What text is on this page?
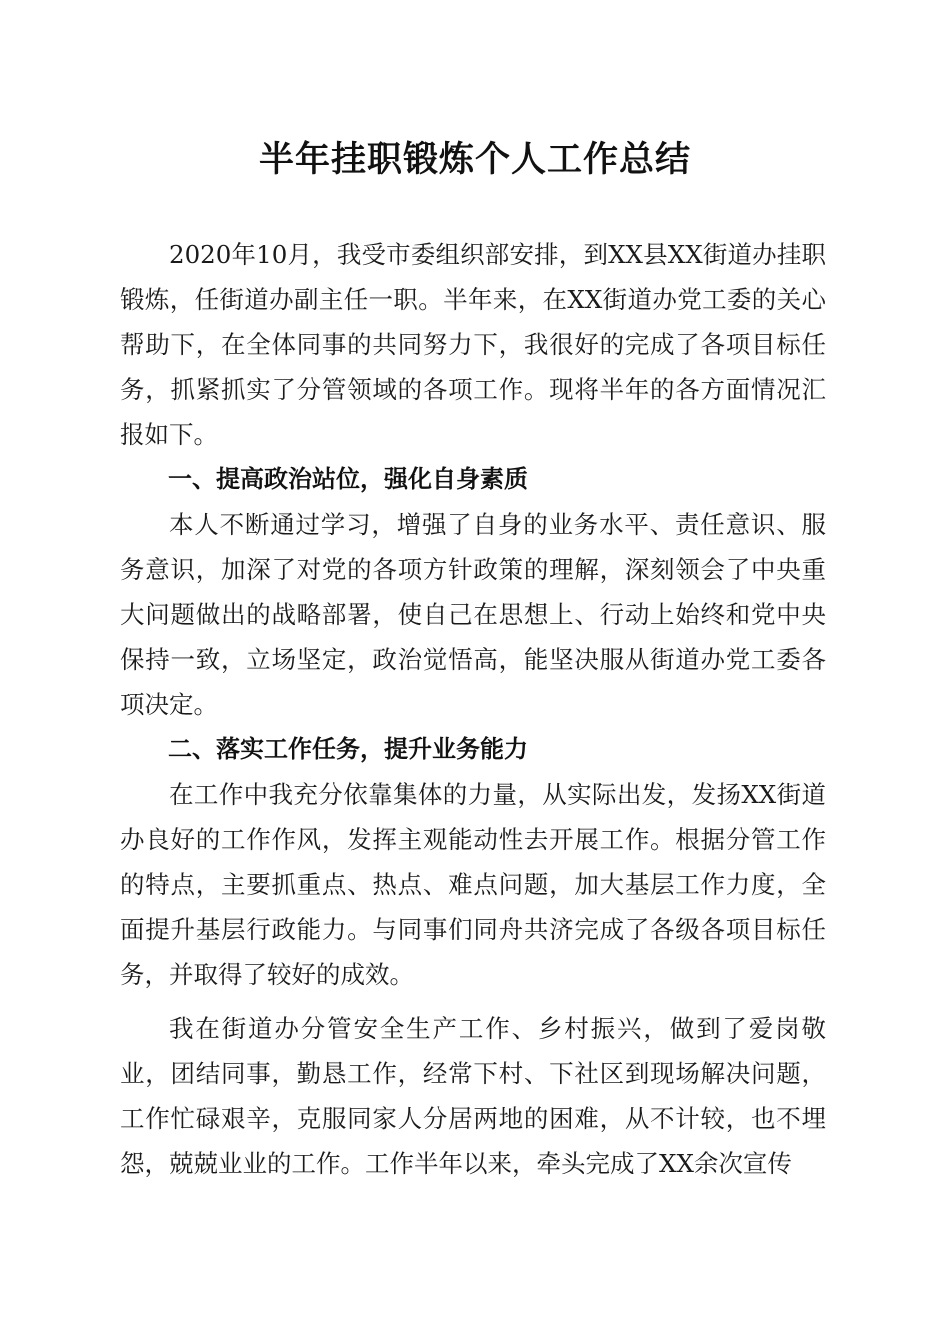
半年挂职锻炼个人工作总结

2020年10月，我受市委组织部安排，到XX县XX街道办挂职锻炼，任街道办副主任一职。半年来，在XX街道办党工委的关心帮助下，在全体同事的共同努力下，我很好的完成了各项目标任务，抓紧抓实了分管领域的各项工作。现将半年的各方面情况汇报如下。

一、提高政治站位，强化自身素质

本人不断通过学习，增强了自身的业务水平、责任意识、服务意识，加深了对党的各项方针政策的理解，深刻领会了中央重大问题做出的战略部署，使自己在思想上、行动上始终和党中央保持一致，立场坚定，政治觉悟高，能坚决服从街道办党工委各项决定。

二、落实工作任务，提升业务能力

在工作中我充分依靠集体的力量，从实际出发，发扬XX街道办良好的工作作风，发挥主观能动性去开展工作。根据分管工作的特点，主要抓重点、热点、难点问题，加大基层工作力度，全面提升基层行政能力。与同事们同舟共济完成了各级各项目标任务，并取得了较好的成效。

我在街道办分管安全生产工作、乡村振兴，做到了爱岗敬业，团结同事，勤恳工作，经常下村、下社区到现场解决问题，工作忙碌艰辛，克服同家人分居两地的困难，从不计较，也不埋怨，兢兢业业的工作。工作半年以来，牵头完成了XX余次宣传
